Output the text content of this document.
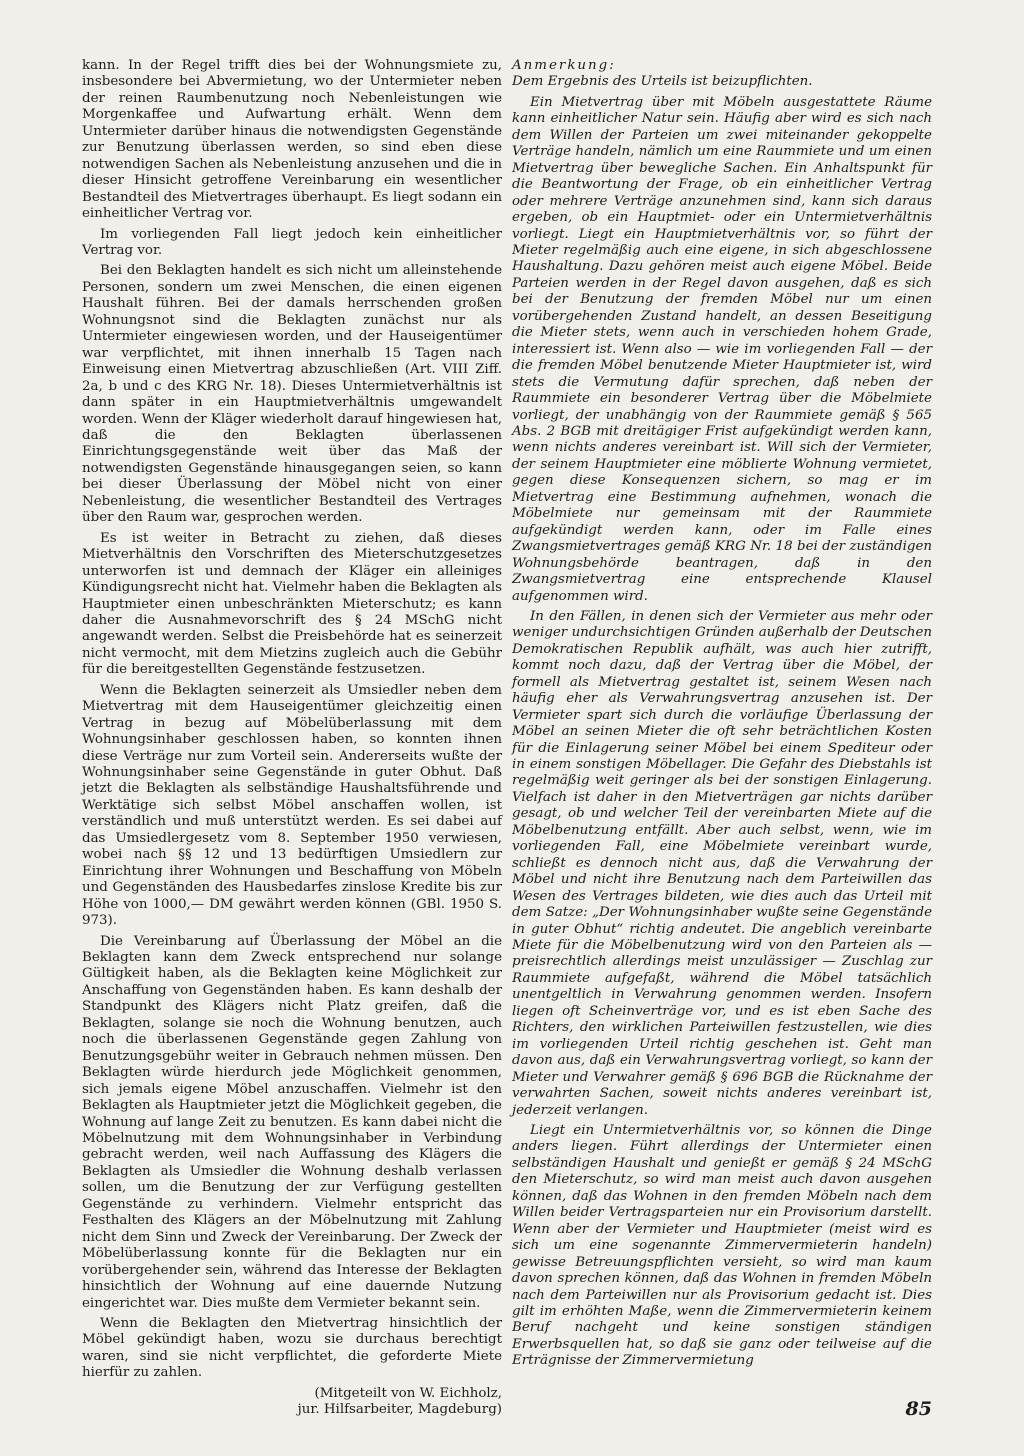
kann. In der Regel trifft dies bei der Wohnungsmiete zu, insbesondere bei Abvermietung, wo der Untermieter neben der reinen Raumbenutzung noch Nebenleistungen wie Morgenkaffee und Aufwartung erhält. Wenn dem Untermieter darüber hinaus die notwendigsten Gegenstände zur Benutzung überlassen werden, so sind eben diese notwendigen Sachen als Nebenleistung anzusehen und die in dieser Hinsicht getroffene Vereinbarung ein wesentlicher Bestandteil des Mietvertrages überhaupt. Es liegt sodann ein einheitlicher Vertrag vor.

Im vorliegenden Fall liegt jedoch kein einheitlicher Vertrag vor.

Bei den Beklagten handelt es sich nicht um alleinstehende Personen, sondern um zwei Menschen, die einen eigenen Haushalt führen. Bei der damals herrschenden großen Wohnungsnot sind die Beklagten zunächst nur als Untermieter eingewiesen worden, und der Hauseigentümer war verpflichtet, mit ihnen innerhalb 15 Tagen nach Einweisung einen Mietvertrag abzuschließen (Art. VIII Ziff. 2a, b und c des KRG Nr. 18). Dieses Untermietverhältnis ist dann später in ein Hauptmietverhältnis umgewandelt worden. Wenn der Kläger wiederholt darauf hingewiesen hat, daß die den Beklagten überlassenen Einrichtungsgegenstände weit über das Maß der notwendigsten Gegenstände hinausgegangen seien, so kann bei dieser Überlassung der Möbel nicht von einer Nebenleistung, die wesentlicher Bestandteil des Vertrages über den Raum war, gesprochen werden.

Es ist weiter in Betracht zu ziehen, daß dieses Mietverhältnis den Vorschriften des Mieterschutzgesetzes unterworfen ist und demnach der Kläger ein alleiniges Kündigungsrecht nicht hat. Vielmehr haben die Beklagten als Hauptmieter einen unbeschränkten Mieterschutz; es kann daher die Ausnahmevorschrift des § 24 MSchG nicht angewandt werden. Selbst die Preisbehörde hat es seinerzeit nicht vermocht, mit dem Mietzins zugleich auch die Gebühr für die bereitgestellten Gegenstände festzusetzen.

Wenn die Beklagten seinerzeit als Umsiedler neben dem Mietvertrag mit dem Hauseigentümer gleichzeitig einen Vertrag in bezug auf Möbelüberlassung mit dem Wohnungsinhaber geschlossen haben, so konnten ihnen diese Verträge nur zum Vorteil sein. Andererseits wußte der Wohnungsinhaber seine Gegenstände in guter Obhut. Daß jetzt die Beklagten als selbständige Haushaltsführende und Werktätige sich selbst Möbel anschaffen wollen, ist verständlich und muß unterstützt werden. Es sei dabei auf das Umsiedlergesetz vom 8. September 1950 verwiesen, wobei nach §§ 12 und 13 bedürftigen Umsiedlern zur Einrichtung ihrer Wohnungen und Beschaffung von Möbeln und Gegenständen des Hausbedarfes zinslose Kredite bis zur Höhe von 1000,— DM gewährt werden können (GBl. 1950 S. 973).

Die Vereinbarung auf Überlassung der Möbel an die Beklagten kann dem Zweck entsprechend nur solange Gültigkeit haben, als die Beklagten keine Möglichkeit zur Anschaffung von Gegenständen haben. Es kann deshalb der Standpunkt des Klägers nicht Platz greifen, daß die Beklagten, solange sie noch die Wohnung benutzen, auch noch die überlassenen Gegenstände gegen Zahlung von Benutzungsgebühr weiter in Gebrauch nehmen müssen. Den Beklagten würde hierdurch jede Möglichkeit genommen, sich jemals eigene Möbel anzuschaffen. Vielmehr ist den Beklagten als Hauptmieter jetzt die Möglichkeit gegeben, die Wohnung auf lange Zeit zu benutzen. Es kann dabei nicht die Möbelnutzung mit dem Wohnungsinhaber in Verbindung gebracht werden, weil nach Auffassung des Klägers die Beklagten als Umsiedler die Wohnung deshalb verlassen sollen, um die Benutzung der zur Verfügung gestellten Gegenstände zu verhindern. Vielmehr entspricht das Festhalten des Klägers an der Möbelnutzung mit Zahlung nicht dem Sinn und Zweck der Vereinbarung. Der Zweck der Möbelüberlassung konnte für die Beklagten nur ein vorübergehender sein, während das Interesse der Beklagten hinsichtlich der Wohnung auf eine dauernde Nutzung eingerichtet war. Dies mußte dem Vermieter bekannt sein.

Wenn die Beklagten den Mietvertrag hinsichtlich der Möbel gekündigt haben, wozu sie durchaus berechtigt waren, sind sie nicht verpflichtet, die geforderte Miete hierfür zu zahlen.

(Mitgeteilt von W. Eichholz,
jur. Hilfsarbeiter, Magdeburg)

Anmerkung:

Dem Ergebnis des Urteils ist beizupflichten.

Ein Mietvertrag über mit Möbeln ausgestattete Räume kann einheitlicher Natur sein. Häufig aber wird es sich nach dem Willen der Parteien um zwei miteinander gekoppelte Verträge handeln, nämlich um eine Raummiete und um einen Mietvertrag über bewegliche Sachen. Ein Anhaltspunkt für die Beantwortung der Frage, ob ein einheitlicher Vertrag oder mehrere Verträge anzunehmen sind, kann sich daraus ergeben, ob ein Hauptmiet- oder ein Untermietverhältnis vorliegt. Liegt ein Hauptmietverhältnis vor, so führt der Mieter regelmäßig auch eine eigene, in sich abgeschlossene Haushaltung. Dazu gehören meist auch eigene Möbel. Beide Parteien werden in der Regel davon ausgehen, daß es sich bei der Benutzung der fremden Möbel nur um einen vorübergehenden Zustand handelt, an dessen Beseitigung die Mieter stets, wenn auch in verschieden hohem Grade, interessiert ist. Wenn also — wie im vorliegenden Fall — der die fremden Möbel benutzende Mieter Hauptmieter ist, wird stets die Vermutung dafür sprechen, daß neben der Raummiete ein besonderer Vertrag über die Möbelmiete vorliegt, der unabhängig von der Raummiete gemäß § 565 Abs. 2 BGB mit dreitägiger Frist aufgekündigt werden kann, wenn nichts anderes vereinbart ist. Will sich der Vermieter, der seinem Hauptmieter eine möblierte Wohnung vermietet, gegen diese Konsequenzen sichern, so mag er im Mietvertrag eine Bestimmung aufnehmen, wonach die Möbelmiete nur gemeinsam mit der Raummiete aufgekündigt werden kann, oder im Falle eines Zwangsmietvertrages gemäß KRG Nr. 18 bei der zuständigen Wohnungsbehörde beantragen, daß in den Zwangsmietvertrag eine entsprechende Klausel aufgenommen wird.

In den Fällen, in denen sich der Vermieter aus mehr oder weniger undurchsichtigen Gründen außerhalb der Deutschen Demokratischen Republik aufhält, was auch hier zutrifft, kommt noch dazu, daß der Vertrag über die Möbel, der formell als Mietvertrag gestaltet ist, seinem Wesen nach häufig eher als Verwahrungsvertrag anzusehen ist. Der Vermieter spart sich durch die vorläufige Überlassung der Möbel an seinen Mieter die oft sehr beträchtlichen Kosten für die Einlagerung seiner Möbel bei einem Spediteur oder in einem sonstigen Möbellager. Die Gefahr des Diebstahls ist regelmäßig weit geringer als bei der sonstigen Einlagerung. Vielfach ist daher in den Mietverträgen gar nichts darüber gesagt, ob und welcher Teil der vereinbarten Miete auf die Möbelbenutzung entfällt. Aber auch selbst, wenn, wie im vorliegenden Fall, eine Möbelmiete vereinbart wurde, schließt es dennoch nicht aus, daß die Verwahrung der Möbel und nicht ihre Benutzung nach dem Parteiwillen das Wesen des Vertrages bildeten, wie dies auch das Urteil mit dem Satze: „Der Wohnungsinhaber wußte seine Gegenstände in guter Obhut“ richtig andeutet. Die angeblich vereinbarte Miete für die Möbelbenutzung wird von den Parteien als — preisrechtlich allerdings meist unzulässiger — Zuschlag zur Raummiete aufgefaßt, während die Möbel tatsächlich unentgeltlich in Verwahrung genommen werden. Insofern liegen oft Scheinverträge vor, und es ist eben Sache des Richters, den wirklichen Parteiwillen festzustellen, wie dies im vorliegenden Urteil richtig geschehen ist. Geht man davon aus, daß ein Verwahrungsvertrag vorliegt, so kann der Mieter und Verwahrer gemäß § 696 BGB die Rücknahme der verwahrten Sachen, soweit nichts anderes vereinbart ist, jederzeit verlangen.

Liegt ein Untermietverhältnis vor, so können die Dinge anders liegen. Führt allerdings der Untermieter einen selbständigen Haushalt und genießt er gemäß § 24 MSchG den Mieterschutz, so wird man meist auch davon ausgehen können, daß das Wohnen in den fremden Möbeln nach dem Willen beider Vertragsparteien nur ein Provisorium darstellt. Wenn aber der Vermieter und Hauptmieter (meist wird es sich um eine sogenannte Zimmervermieterin handeln) gewisse Betreuungspflichten versieht, so wird man kaum davon sprechen können, daß das Wohnen in fremden Möbeln nach dem Parteiwillen nur als Provisorium gedacht ist. Dies gilt im erhöhten Maße, wenn die Zimmervermieterin keinem Beruf nachgeht und keine sonstigen ständigen Erwerbsquellen hat, so daß sie ganz oder teilweise auf die Erträgnisse der Zimmervermietung

85
